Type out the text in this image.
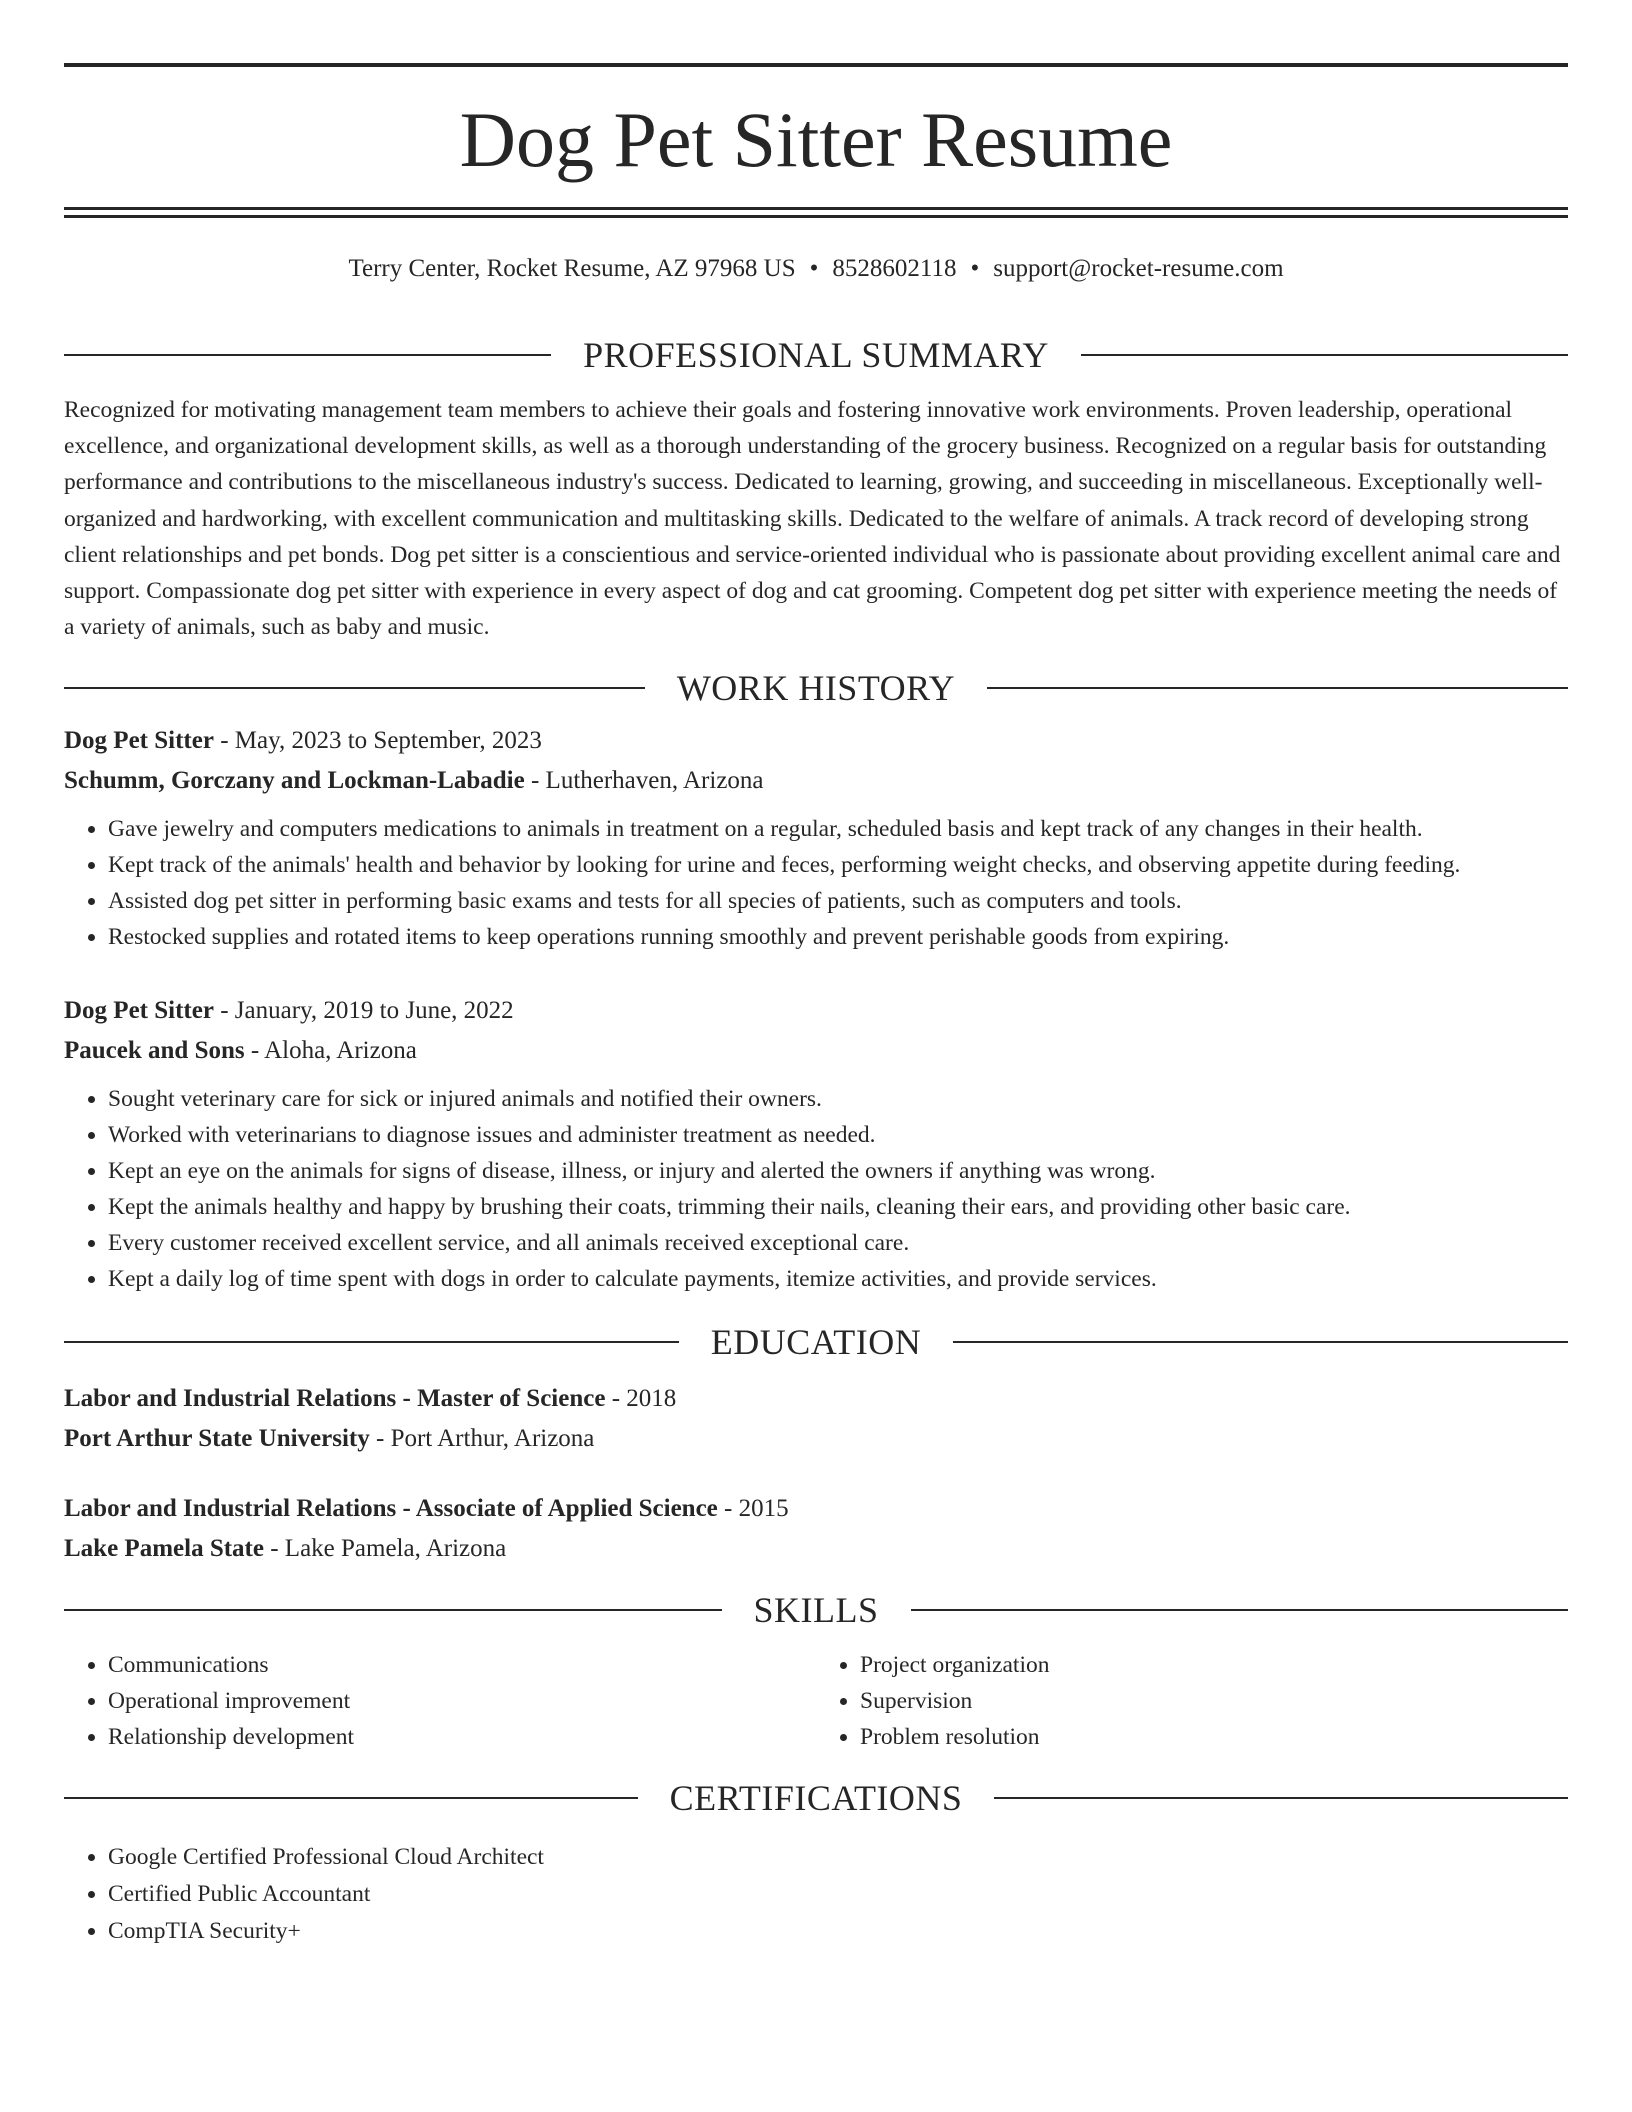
Dog Pet Sitter Resume
Terry Center, Rocket Resume, AZ 97968 US • 8528602118 • support@rocket-resume.com
PROFESSIONAL SUMMARY

Recognized for motivating management team members to achieve their goals and fostering innovative work environments. Proven leadership, operational excellence, and organizational development skills, as well as a thorough understanding of the grocery business. Recognized on a regular basis for outstanding performance and contributions to the miscellaneous industry's success. Dedicated to learning, growing, and succeeding in miscellaneous. Exceptionally well-organized and hardworking, with excellent communication and multitasking skills. Dedicated to the welfare of animals. A track record of developing strong client relationships and pet bonds. Dog pet sitter is a conscientious and service-oriented individual who is passionate about providing excellent animal care and support. Compassionate dog pet sitter with experience in every aspect of dog and cat grooming. Competent dog pet sitter with experience meeting the needs of a variety of animals, such as baby and music.

WORK HISTORY
Dog Pet Sitter - May, 2023 to September, 2023
Schumm, Gorczany and Lockman-Labadie - Lutherhaven, Arizona
• Gave jewelry and computers medications to animals in treatment on a regular, scheduled basis and kept track of any changes in their health.
• Kept track of the animals' health and behavior by looking for urine and feces, performing weight checks, and observing appetite during feeding.
• Assisted dog pet sitter in performing basic exams and tests for all species of patients, such as computers and tools.
• Restocked supplies and rotated items to keep operations running smoothly and prevent perishable goods from expiring.
Dog Pet Sitter - January, 2019 to June, 2022
Paucek and Sons - Aloha, Arizona
• Sought veterinary care for sick or injured animals and notified their owners.
• Worked with veterinarians to diagnose issues and administer treatment as needed.
• Kept an eye on the animals for signs of disease, illness, or injury and alerted the owners if anything was wrong.
• Kept the animals healthy and happy by brushing their coats, trimming their nails, cleaning their ears, and providing other basic care.
• Every customer received excellent service, and all animals received exceptional care.
• Kept a daily log of time spent with dogs in order to calculate payments, itemize activities, and provide services.
EDUCATION
Labor and Industrial Relations - Master of Science - 2018
Port Arthur State University - Port Arthur, Arizona
Labor and Industrial Relations - Associate of Applied Science - 2015
Lake Pamela State - Lake Pamela, Arizona
SKILLS
• Communications
• Operational improvement
• Relationship development
• Project organization
• Supervision
• Problem resolution
CERTIFICATIONS
• Google Certified Professional Cloud Architect
• Certified Public Accountant
• CompTIA Security+
